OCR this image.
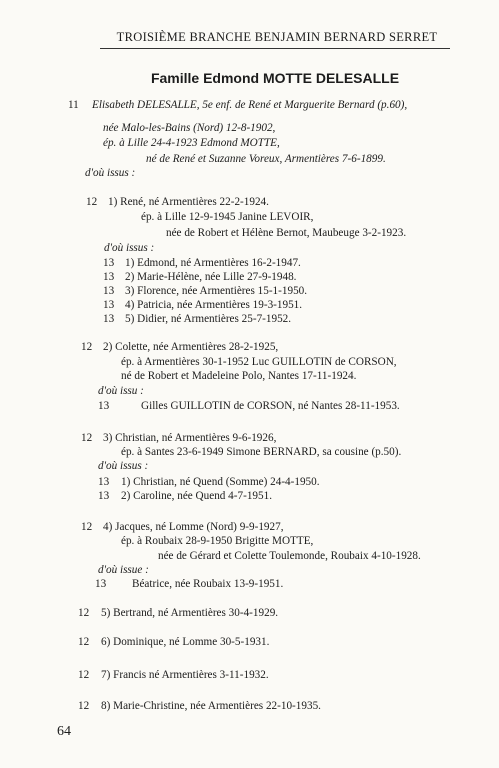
TROISIÈME BRANCHE BENJAMIN BERNARD SERRET
Famille Edmond MOTTE DELESALLE
11 Elisabeth DELESALLE, 5e enf. de René et Marguerite Bernard (p.60),
née Malo-les-Bains (Nord) 12-8-1902,
ép. à Lille 24-4-1923 Edmond MOTTE,
né de René et Suzanne Voreux, Armentières 7-6-1899.
d'où issus :
12 1) René, né Armentières 22-2-1924.
ép. à Lille 12-9-1945 Janine LEVOIR,
née de Robert et Hélène Bernot, Maubeuge 3-2-1923.
d'où issus :
13 1) Edmond, né Armentières 16-2-1947.
13 2) Marie-Hélène, née Lille 27-9-1948.
13 3) Florence, née Armentières 15-1-1950.
13 4) Patricia, née Armentières 19-3-1951.
13 5) Didier, né Armentières 25-7-1952.
12 2) Colette, née Armentières 28-2-1925,
ép. à Armentières 30-1-1952 Luc GUILLOTIN de CORSON,
né de Robert et Madeleine Polo, Nantes 17-11-1924.
d'où issu :
13	Gilles GUILLOTIN de CORSON, né Nantes 28-11-1953.
12 3) Christian, né Armentières 9-6-1926,
ép. à Santes 23-6-1949 Simone BERNARD, sa cousine (p.50).
d'où issus :
13 1) Christian, né Quend (Somme) 24-4-1950.
13 2) Caroline, née Quend 4-7-1951.
12 4) Jacques, né Lomme (Nord) 9-9-1927,
ép. à Roubaix 28-9-1950 Brigitte MOTTE,
née de Gérard et Colette Toulemonde, Roubaix 4-10-1928.
d'où issue :
13 Béatrice, née Roubaix 13-9-1951.
12 5) Bertrand, né Armentières 30-4-1929.
12 6) Dominique, né Lomme 30-5-1931.
12 7) Francis né Armentières 3-11-1932.
12 8) Marie-Christine, née Armentières 22-10-1935.
64
